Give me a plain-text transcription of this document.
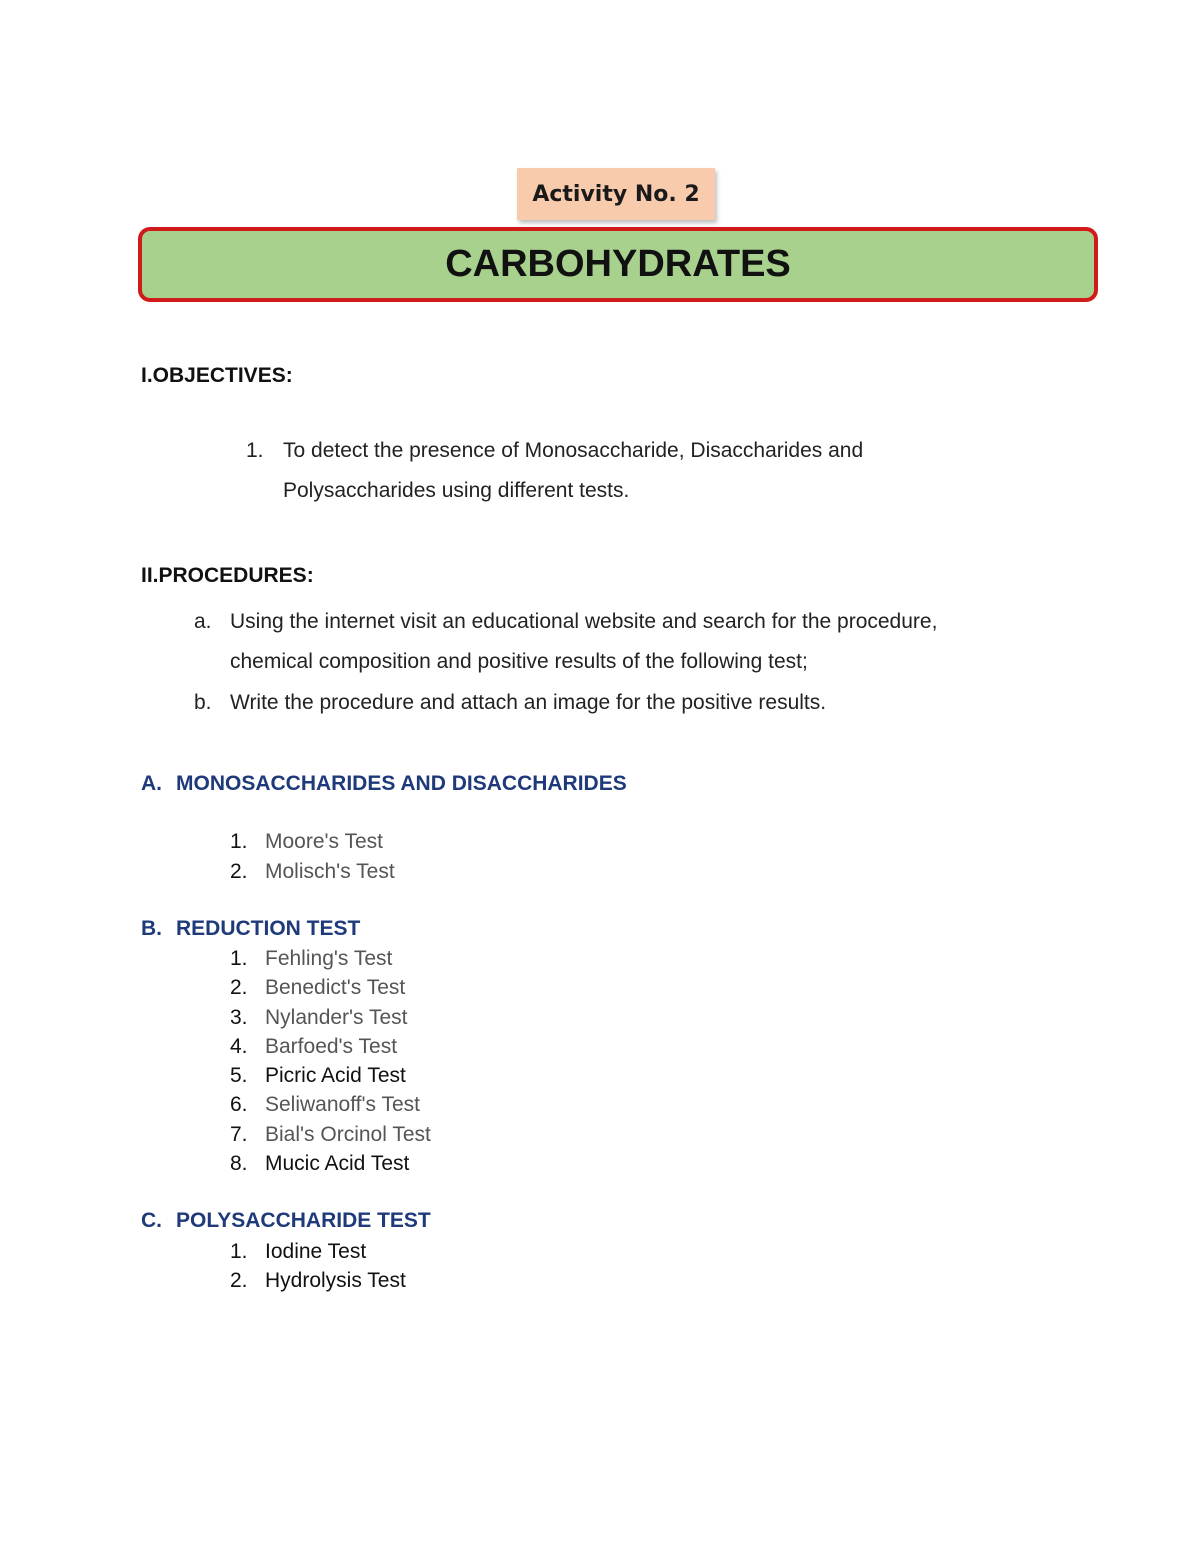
Activity No. 2
CARBOHYDRATES
I.OBJECTIVES:
1. To detect the presence of Monosaccharide, Disaccharides and
Polysaccharides using different tests.
II.PROCEDURES:
a. Using the internet visit an educational website and search for the procedure,
chemical composition and positive results of the following test;
b. Write the procedure and attach an image for the positive results.
A. MONOSACCHARIDES AND DISACCHARIDES
1. Moore's Test
2. Molisch's Test
B. REDUCTION TEST
1. Fehling's Test
2. Benedict's Test
3. Nylander's Test
4. Barfoed's Test
5. Picric Acid Test
6. Seliwanoff's Test
7. Bial's Orcinol Test
8. Mucic Acid Test
C. POLYSACCHARIDE TEST
1. Iodine Test
2. Hydrolysis Test
